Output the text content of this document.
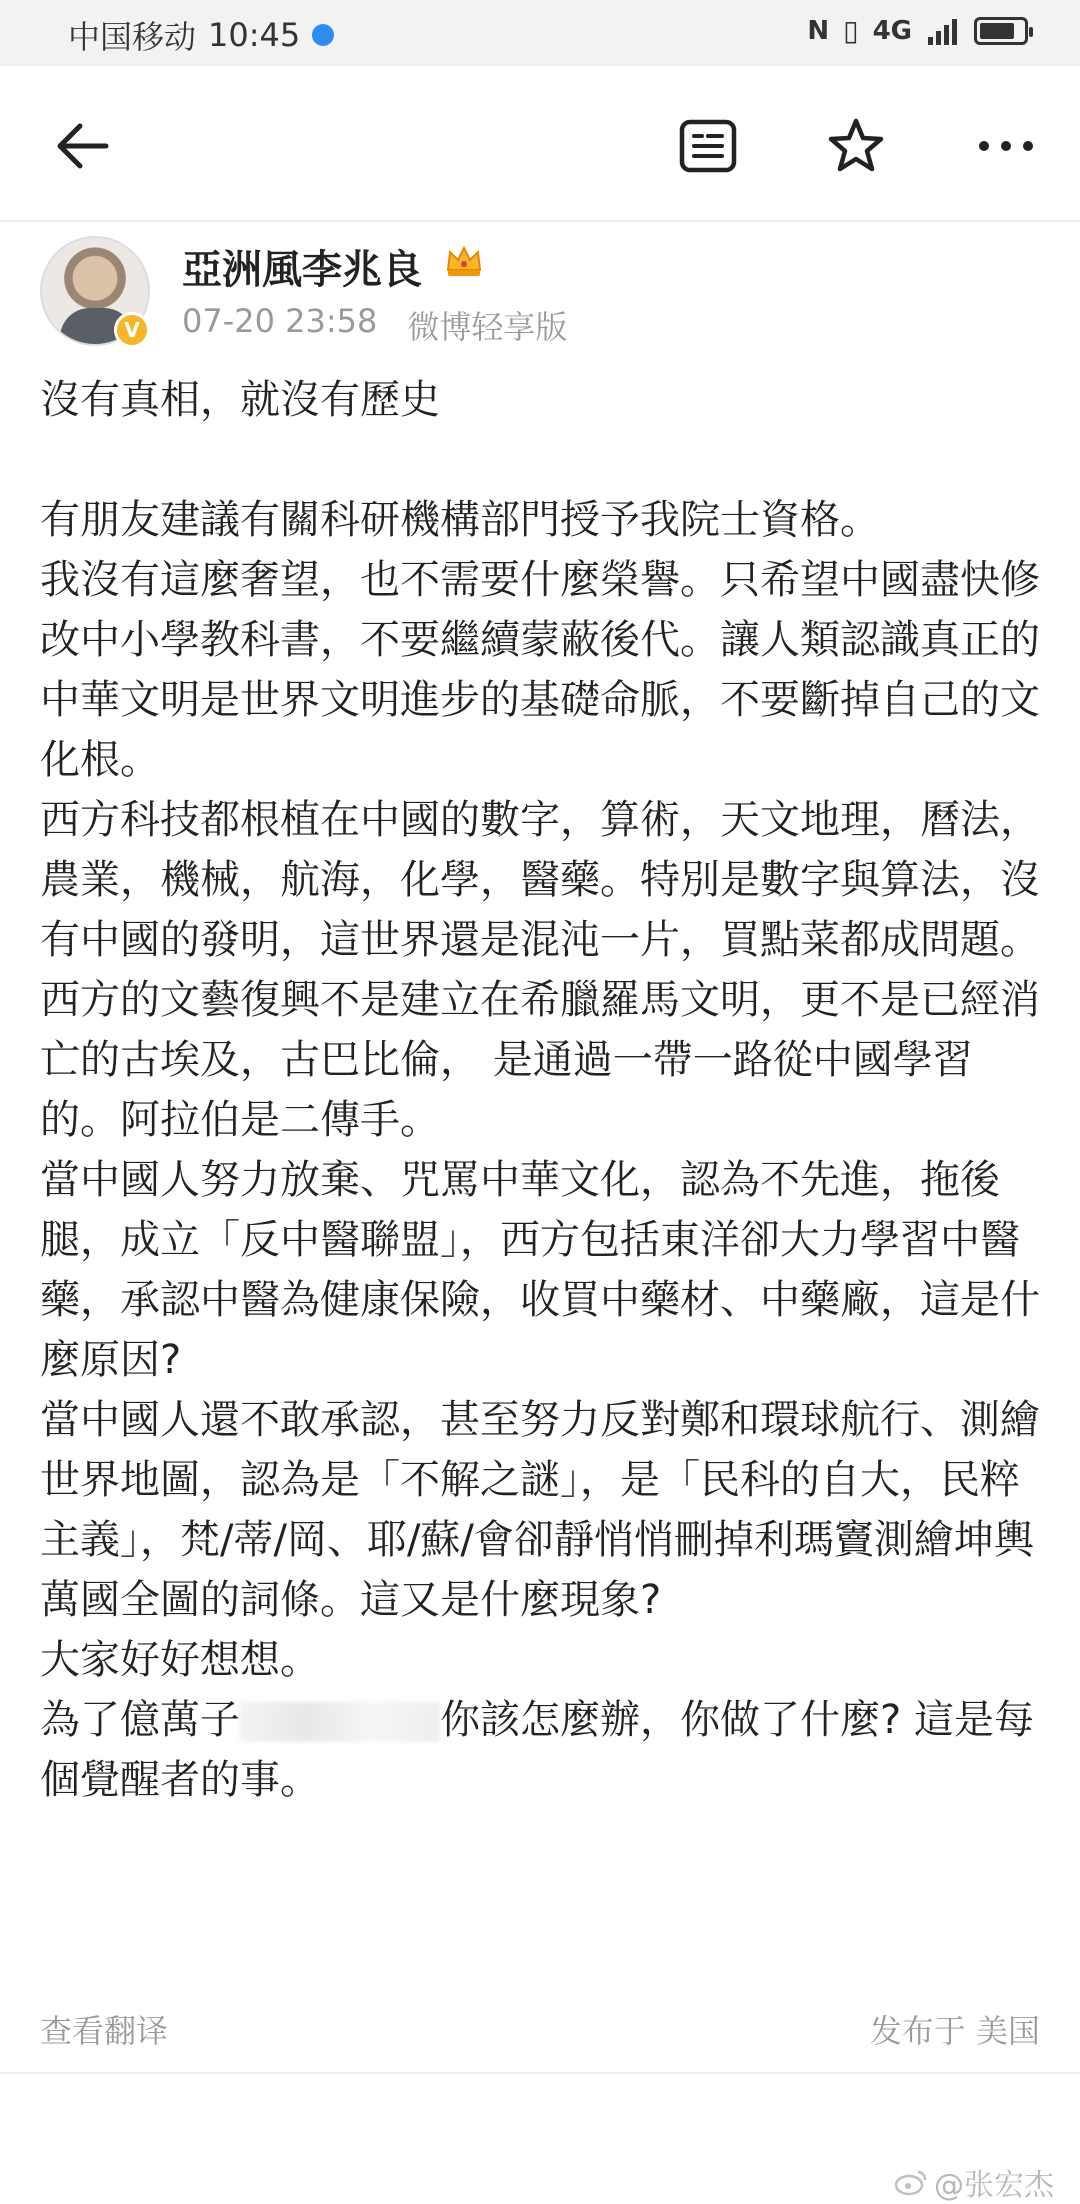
中国移动 10:45	N ▯ 4G
V
亞洲風李兆良
07-20 23:58 微博轻享版

沒有真相，就沒有歷史

有朋友建議有關科研機構部門授予我院士資格。

我沒有這麼奢望，也不需要什麼榮譽。只希望中國盡快修改中小學教科書，不要繼續蒙蔽後代。讓人類認識真正的中華文明是世界文明進步的基礎命脈，不要斷掉自己的文化根。

西方科技都根植在中國的數字，算術，天文地理，曆法，農業，機械，航海，化學，醫藥。特別是數字與算法，沒有中國的發明，這世界還是混沌一片，買點菜都成問題。西方的文藝復興不是建立在希臘羅馬文明，更不是已經消亡的古埃及，古巴比倫， 是通過一帶一路從中國學習的。阿拉伯是二傳手。

當中國人努力放棄、咒罵中華文化，認為不先進，拖後腿，成立「反中醫聯盟」，西方包括東洋卻大力學習中醫藥，承認中醫為健康保險，收買中藥材、中藥廠，這是什麼原因?

當中國人還不敢承認，甚至努力反對鄭和環球航行、測繪世界地圖，認為是「不解之謎」，是「民科的自大，民粹主義」，梵/蒂/岡、耶/蘇/會卻靜悄悄刪掉利瑪竇測繪坤輿萬國全圖的詞條。這又是什麼現象?

大家好好想想。

為了億萬子	你該怎麼辦，你做了什麼? 這是每個覺醒者的事。

查看翻译	发布于 美国
@张宏杰
